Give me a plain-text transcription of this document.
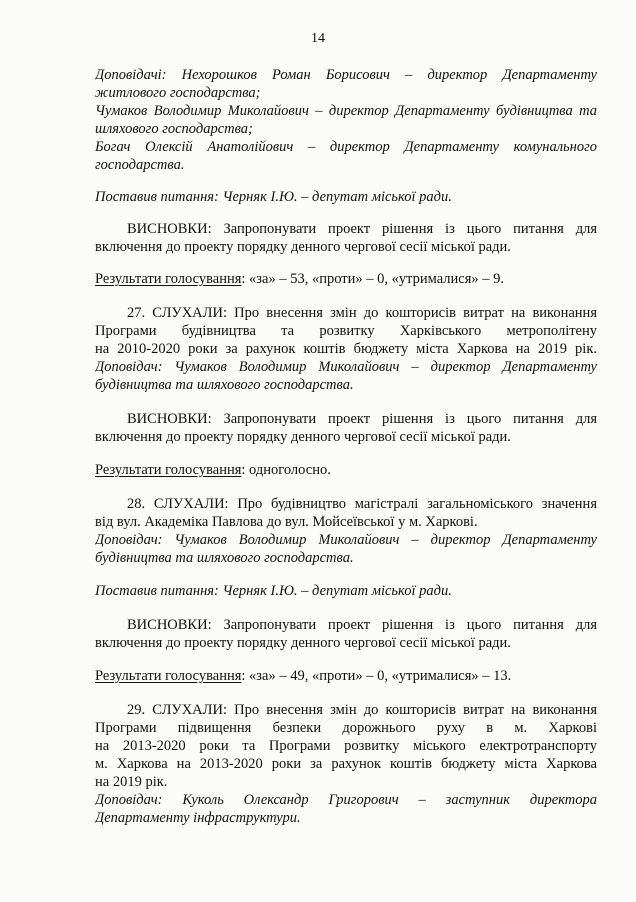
14
Доповідачі: Нехорошков Роман Борисович – директор Департаменту
житлового господарства;
Чумаков Володимир Миколайович – директор Департаменту будівництва та
шляхового господарства;
Богач Олексій Анатолійович – директор Департаменту комунального
господарства.
Поставив питання: Черняк І.Ю. – депутат міської ради.
ВИСНОВКИ: Запропонувати проект рішення із цього питання для
включення до проекту порядку денного чергової сесії міської ради.
Результати голосування: «за» – 53, «проти» – 0, «утрималися» – 9.
27. СЛУХАЛИ: Про внесення змін до кошторисів витрат на виконання
Програми будівництва та розвитку Харківського метрополітену
на 2010-2020 роки за рахунок коштів бюджету міста Харкова на 2019 рік.
Доповідач: Чумаков Володимир Миколайович – директор Департаменту
будівництва та шляхового господарства.
ВИСНОВКИ: Запропонувати проект рішення із цього питання для
включення до проекту порядку денного чергової сесії міської ради.
Результати голосування: одноголосно.
28. СЛУХАЛИ: Про будівництво магістралі загальноміського значення
від вул. Академіка Павлова до вул. Мойсеївської у м. Харкові.
Доповідач: Чумаков Володимир Миколайович – директор Департаменту
будівництва та шляхового господарства.
Поставив питання: Черняк І.Ю. – депутат міської ради.
ВИСНОВКИ: Запропонувати проект рішення із цього питання для
включення до проекту порядку денного чергової сесії міської ради.
Результати голосування: «за» – 49, «проти» – 0, «утрималися» – 13.
29. СЛУХАЛИ: Про внесення змін до кошторисів витрат на виконання
Програми підвищення безпеки дорожнього руху в м. Харкові
на 2013-2020 роки та Програми розвитку міського електротранспорту
м. Харкова на 2013-2020 роки за рахунок коштів бюджету міста Харкова
на 2019 рік.
Доповідач: Куколь Олександр Григорович – заступник директора
Департаменту інфраструктури.
